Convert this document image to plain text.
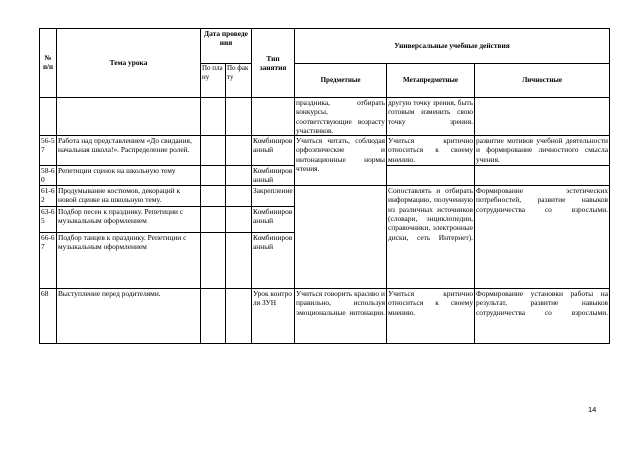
№ п/п	Тема урока	Дата проведения		Тип занятия	Универсальные учебные действия		
		По плану	По факту		Предметные	Метапредметные	Личностные
					праздника, отбирать конкурсы, соответствующие возрасту участников.	другую точку зрения, быть готовым изменить свою точку зрения.	
56-57	Работа над представлением «До свидания, начальная школа!». Распределение ролей.			Комбинированный	Учиться читать, соблюдая орфоэпические и интонационные нормы чтения.	Учиться критично относиться к своему мнению.	развитие мотивов учебной деятельности и формирование личностного смысла учения.
58-60	Репетиции сценок на школьную тему			Комбинированный			
61-62	Продумывание костюмов, декораций к новой сценке на школьную тему.			Закрепление		Сопоставлять и отбирать информацию, полученную из различных источников (словари, энциклопедии, справочники, электронные диски, сеть Интернет).	Формирование эстетических потребностей, развитие навыков сотрудничества со взрослыми.
63-65	Подбор песен к празднику. Репетиции с музыкальным оформлением			Комбинированный			
66-67	Подбор танцев к празднику. Репетиции с музыкальным оформлением			Комбинированный			
68	Выступление перед родителями.			Урок контроля ЗУН	Учиться говорить красиво и правильно, используя эмоциональные интонации.	Учиться критично относиться к своему мнению.	Формирование установки работы на результат, развитие навыков сотрудничества со взрослыми.
14
